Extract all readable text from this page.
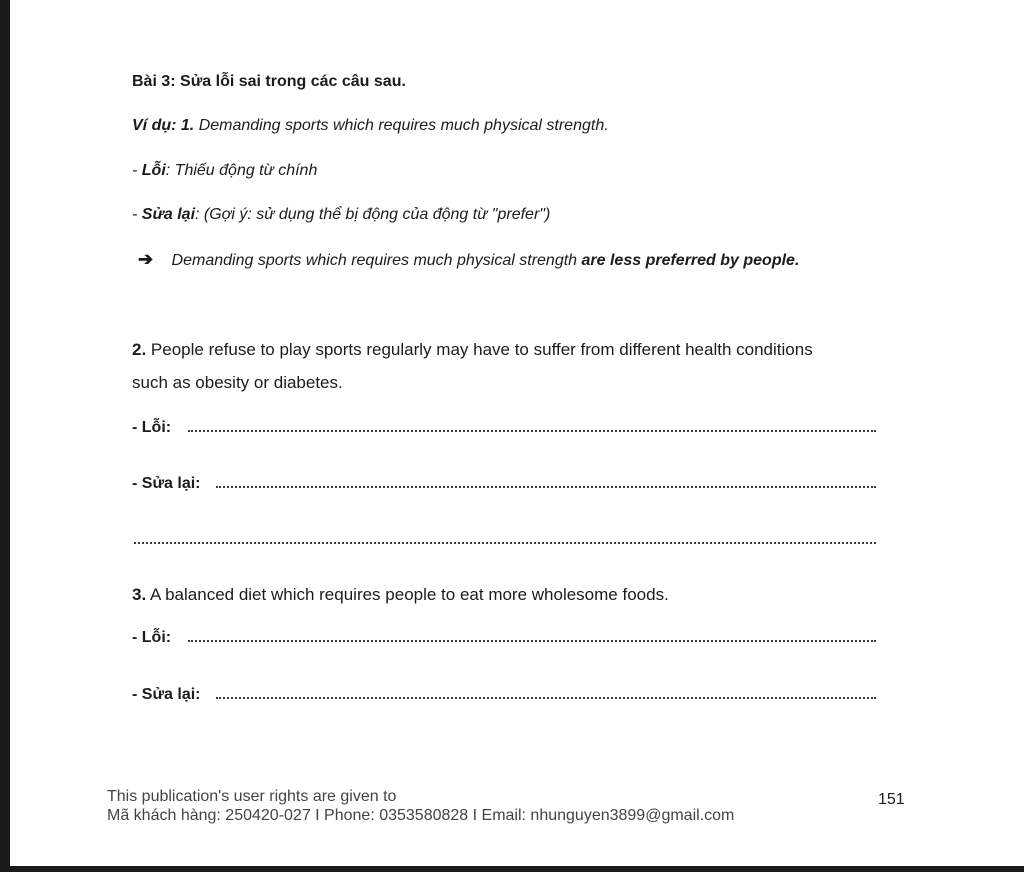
Bài 3: Sửa lỗi sai trong các câu sau.
Ví dụ: 1. Demanding sports which requires much physical strength.
- Lỗi: Thiếu động từ chính
- Sửa lại: (Gợi ý: sử dụng thể bị động của động từ "prefer")
➔ Demanding sports which requires much physical strength are less preferred by people.
2. People refuse to play sports regularly may have to suffer from different health conditions
such as obesity or diabetes.
- Lỗi:
- Sửa lại:
3. A balanced diet which requires people to eat more wholesome foods.
- Lỗi:
- Sửa lại:
This publication's user rights are given to
Mã khách hàng: 250420-027 I Phone: 0353580828 I Email: nhunguyen3899@gmail.com
151
